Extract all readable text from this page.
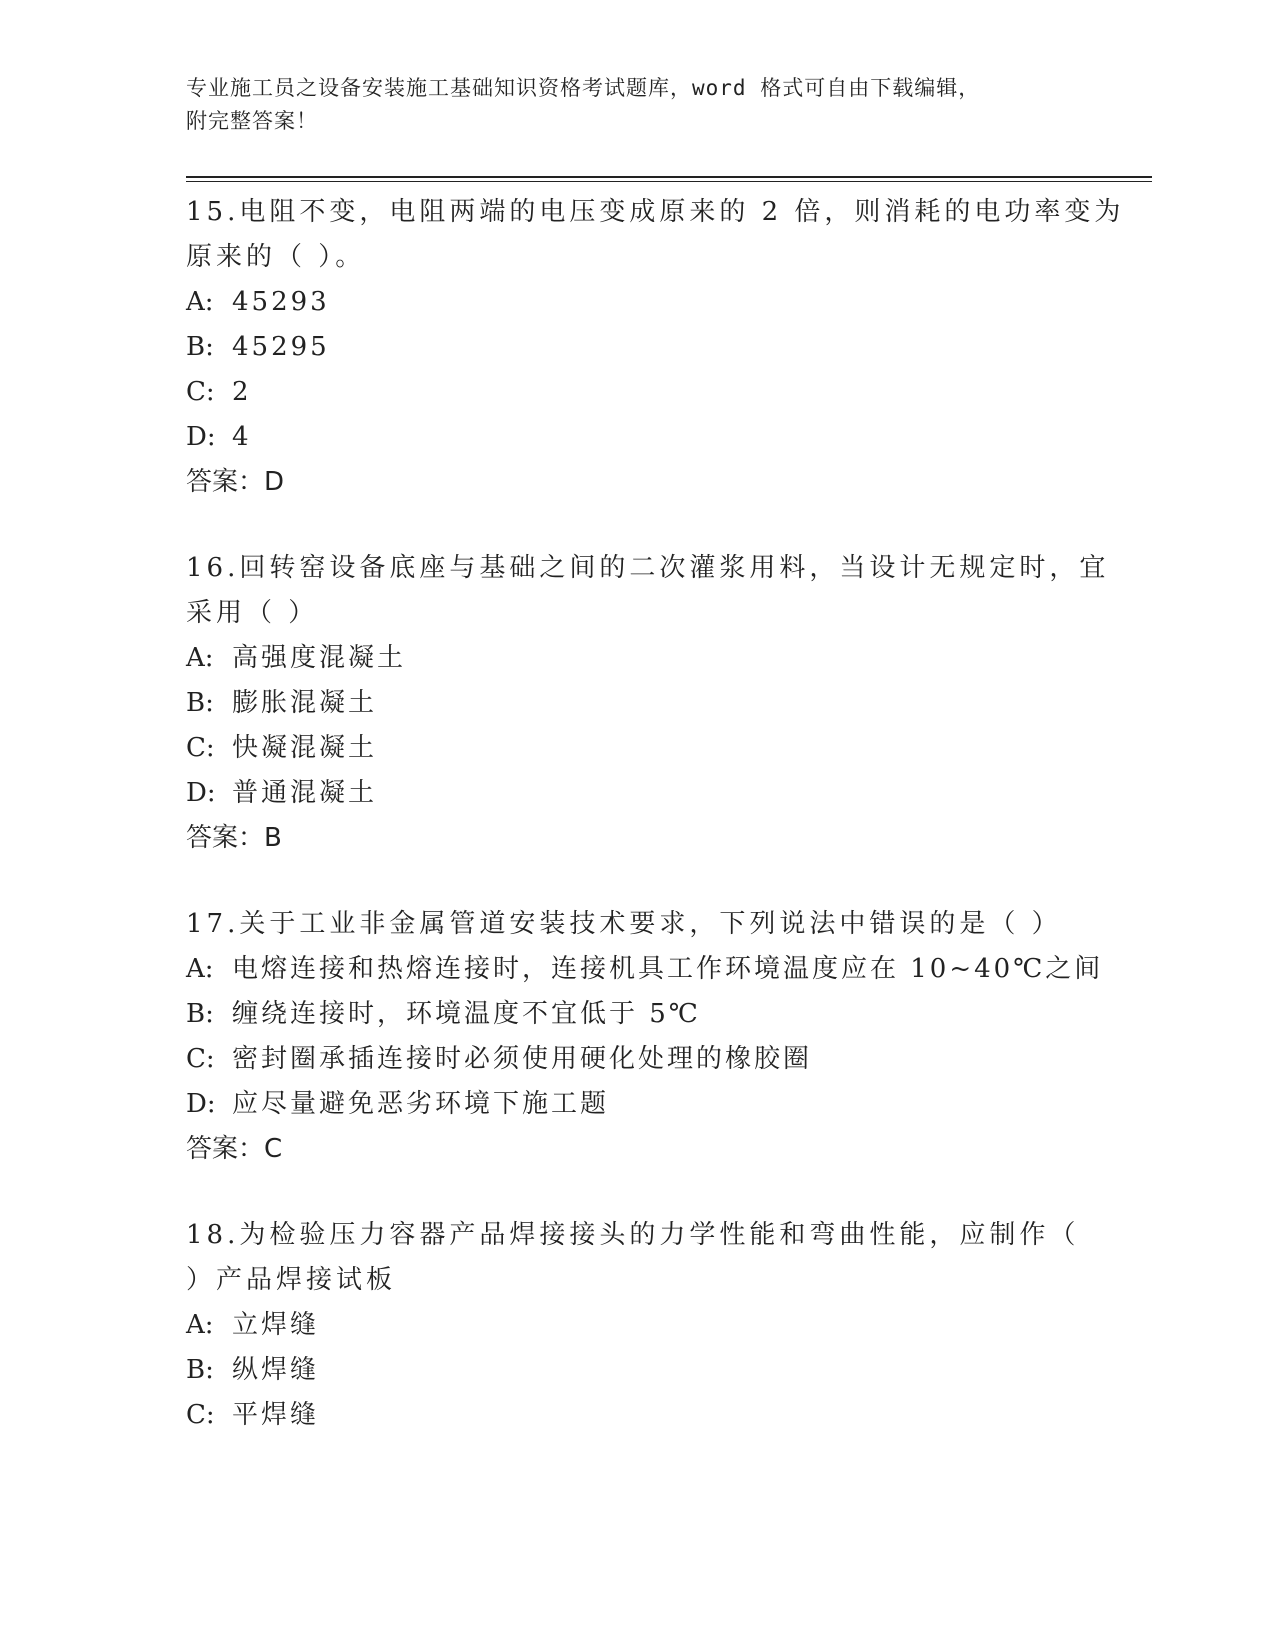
专业施工员之设备安装施工基础知识资格考试题库，word 格式可自由下载编辑，
附完整答案！
15.电阻不变，电阻两端的电压变成原来的 2 倍，则消耗的电功率变为
原来的（ ）。
A: 45293
B: 45295
C: 2
D: 4
答案：D
16.回转窑设备底座与基础之间的二次灌浆用料，当设计无规定时，宜
采用（ ）
A: 高强度混凝土
B: 膨胀混凝土
C: 快凝混凝土
D: 普通混凝土
答案：B
17.关于工业非金属管道安装技术要求，下列说法中错误的是（ ）
A: 电熔连接和热熔连接时，连接机具工作环境温度应在 10~40℃之间
B: 缠绕连接时，环境温度不宜低于 5℃
C: 密封圈承插连接时必须使用硬化处理的橡胶圈
D: 应尽量避免恶劣环境下施工题
答案：C
18.为检验压力容器产品焊接接头的力学性能和弯曲性能，应制作（
）产品焊接试板
A: 立焊缝
B: 纵焊缝
C: 平焊缝
